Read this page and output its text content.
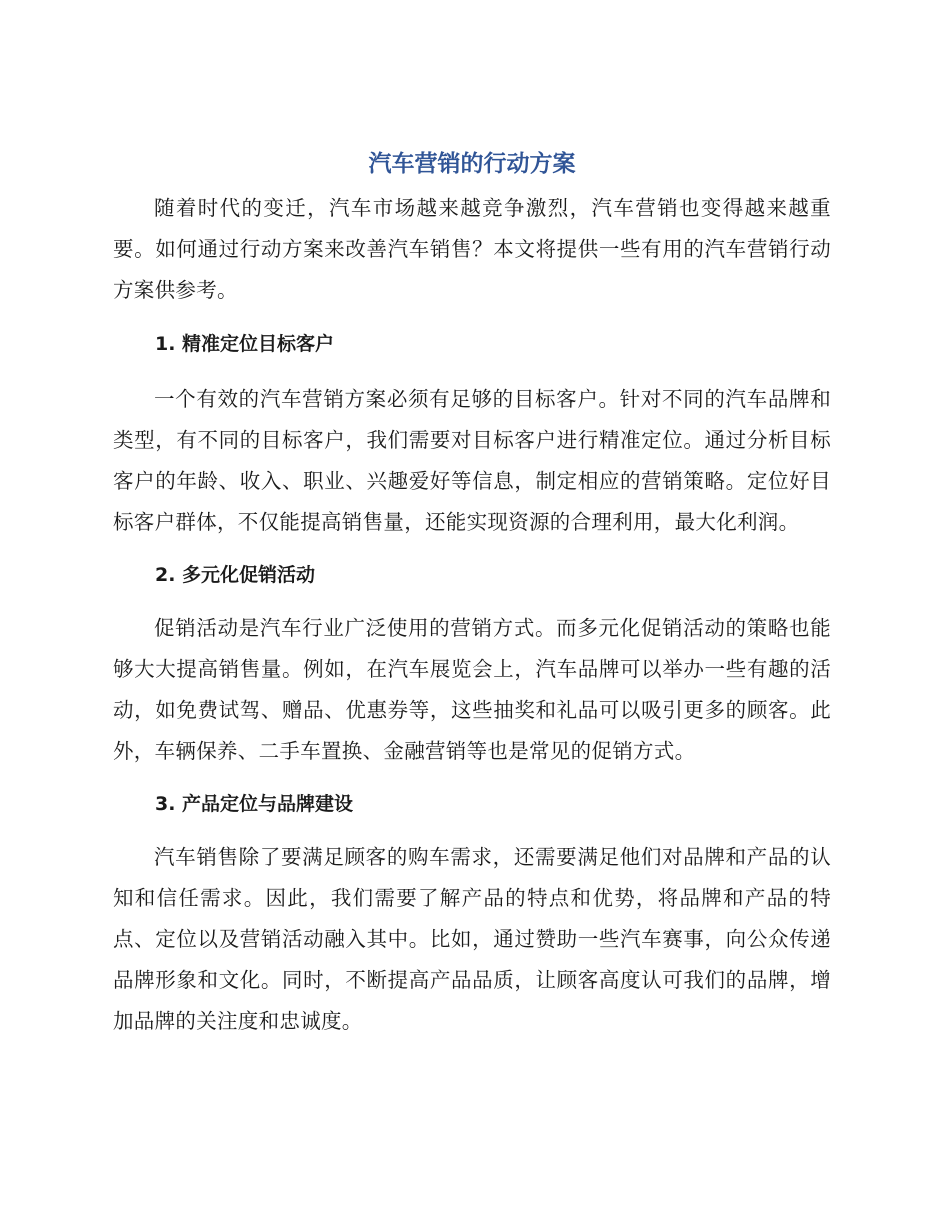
汽车营销的行动方案

随着时代的变迁，汽车市场越来越竞争激烈，汽车营销也变得越来越重要。如何通过行动方案来改善汽车销售？本文将提供一些有用的汽车营销行动方案供参考。

1. 精准定位目标客户

一个有效的汽车营销方案必须有足够的目标客户。针对不同的汽车品牌和类型，有不同的目标客户，我们需要对目标客户进行精准定位。通过分析目标客户的年龄、收入、职业、兴趣爱好等信息，制定相应的营销策略。定位好目标客户群体，不仅能提高销售量，还能实现资源的合理利用，最大化利润。

2. 多元化促销活动

促销活动是汽车行业广泛使用的营销方式。而多元化促销活动的策略也能够大大提高销售量。例如，在汽车展览会上，汽车品牌可以举办一些有趣的活动，如免费试驾、赠品、优惠券等，这些抽奖和礼品可以吸引更多的顾客。此外，车辆保养、二手车置换、金融营销等也是常见的促销方式。

3. 产品定位与品牌建设

汽车销售除了要满足顾客的购车需求，还需要满足他们对品牌和产品的认知和信任需求。因此，我们需要了解产品的特点和优势，将品牌和产品的特点、定位以及营销活动融入其中。比如，通过赞助一些汽车赛事，向公众传递品牌形象和文化。同时，不断提高产品品质，让顾客高度认可我们的品牌，增加品牌的关注度和忠诚度。
